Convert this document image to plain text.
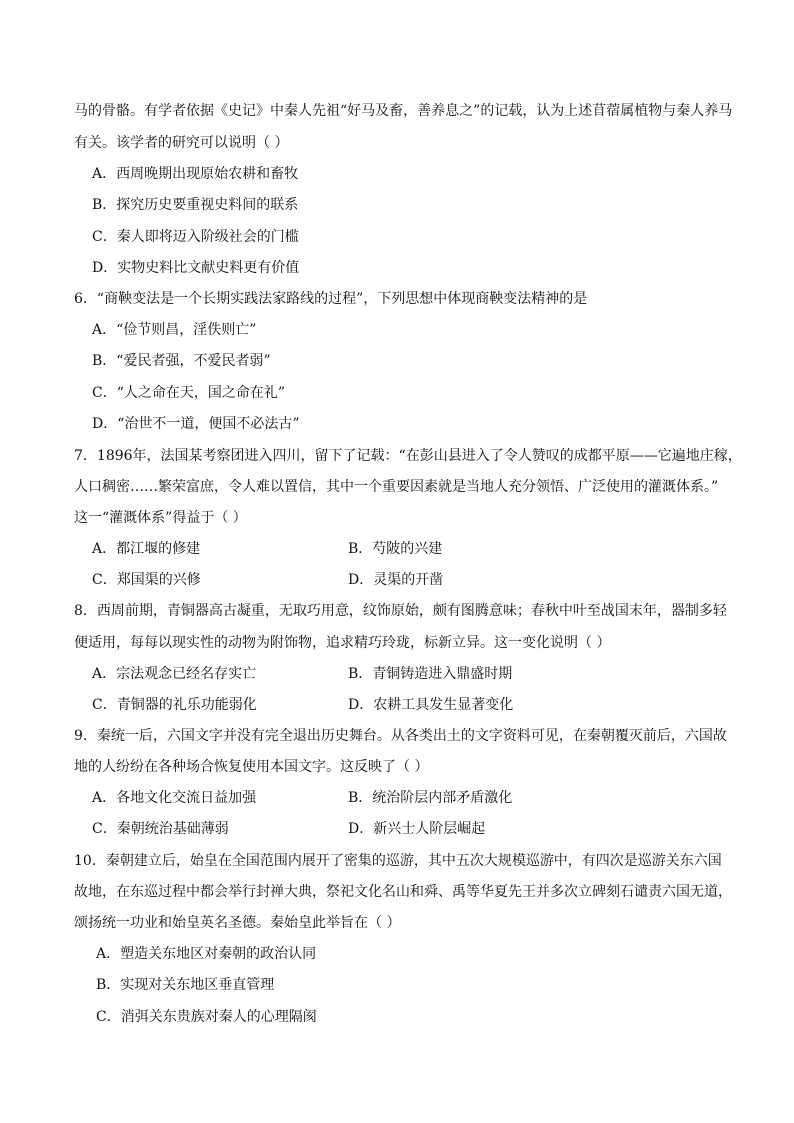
马的骨骼。有学者依据《史记》中秦人先祖“好马及畜，善养息之”的记载，认为上述苜蓿属植物与秦人养马
有关。该学者的研究可以说明（ ）
A．西周晚期出现原始农耕和畜牧
B．探究历史要重视史料间的联系
C．秦人即将迈入阶级社会的门槛
D．实物史料比文献史料更有价值
6．“商鞅变法是一个长期实践法家路线的过程”，下列思想中体现商鞅变法精神的是
A．“俭节则昌，淫佚则亡”
B．“爱民者强，不爱民者弱”
C．“人之命在天，国之命在礼”
D．“治世不一道，便国不必法古”
7．1896年，法国某考察团进入四川，留下了记载：“在彭山县进入了令人赞叹的成都平原——它遍地庄稼，
人口稠密……繁荣富庶，令人难以置信，其中一个重要因素就是当地人充分领悟、广泛使用的灌溉体系。”
这一“灌溉体系”得益于（ ）
A．都江堰的修建	B．芍陂的兴建
C．郑国渠的兴修	D．灵渠的开凿
8．西周前期，青铜器高古凝重，无取巧用意，纹饰原始，颇有图腾意味；春秋中叶至战国末年，器制多轻
便适用，每每以现实性的动物为附饰物，追求精巧玲珑，标新立异。这一变化说明（ ）
A．宗法观念已经名存实亡	B．青铜铸造进入鼎盛时期
C．青铜器的礼乐功能弱化	D．农耕工具发生显著变化
9．秦统一后，六国文字并没有完全退出历史舞台。从各类出土的文字资料可见，在秦朝覆灭前后，六国故
地的人纷纷在各种场合恢复使用本国文字。这反映了（ ）
A．各地文化交流日益加强	B．统治阶层内部矛盾激化
C．秦朝统治基础薄弱	D．新兴士人阶层崛起
10．秦朝建立后，始皇在全国范围内展开了密集的巡游，其中五次大规模巡游中，有四次是巡游关东六国
故地，在东巡过程中都会举行封禅大典，祭祀文化名山和舜、禹等华夏先王并多次立碑刻石谴责六国无道，
颂扬统一功业和始皇英名圣德。秦始皇此举旨在（ ）
A．塑造关东地区对秦朝的政治认同
B．实现对关东地区垂直管理
C．消弭关东贵族对秦人的心理隔阂
